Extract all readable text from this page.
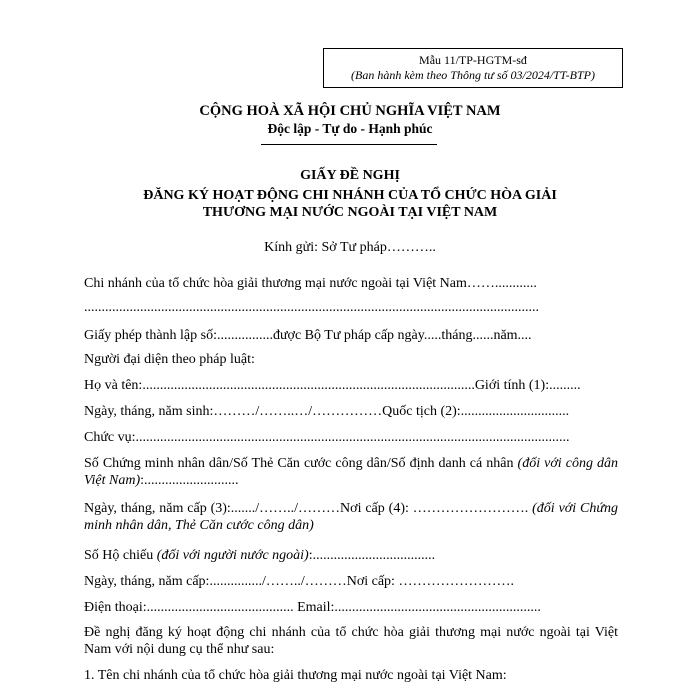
Mẫu 11/TP-HGTM-sđ
(Ban hành kèm theo Thông tư số 03/2024/TT-BTP)
CỘNG HOÀ XÃ HỘI CHỦ NGHĨA VIỆT NAM
Độc lập - Tự do - Hạnh phúc
GIẤY ĐỀ NGHỊ
ĐĂNG KÝ HOẠT ĐỘNG CHI NHÁNH CỦA TỔ CHỨC HÒA GIẢI
THƯƠNG MẠI NƯỚC NGOÀI TẠI VIỆT NAM
Kính gửi: Sở Tư pháp………..
Chi nhánh của tổ chức hòa giải thương mại nước ngoài tại Việt Nam……............
..................................................................................................................................
Giấy phép thành lập số:................được Bộ Tư pháp cấp ngày.....tháng......năm....
Người đại diện theo pháp luật:
Họ và tên:...............................................................................................Giới tính (1):.........
Ngày, tháng, năm sinh:………/……..…/……………Quốc tịch (2):...............................
Chức vụ:............................................................................................................................
Số Chứng minh nhân dân/Số Thẻ Căn cước công dân/Số định danh cá nhân (đối với công dân Việt Nam):...........................
Ngày, tháng, năm cấp (3):......./……../………Nơi cấp (4): ……………………. (đối với Chứng minh nhân dân, Thẻ Căn cước công dân)
Số Hộ chiếu (đối với người nước ngoài):...................................
Ngày, tháng, năm cấp:.............../……../………Nơi cấp: …………………….
Điện thoại:.......................................... Email:...........................................................
Đề nghị đăng ký hoạt động chi nhánh của tổ chức hòa giải thương mại nước ngoài tại Việt Nam với nội dung cụ thể như sau:
1. Tên chi nhánh của tổ chức hòa giải thương mại nước ngoài tại Việt Nam:
